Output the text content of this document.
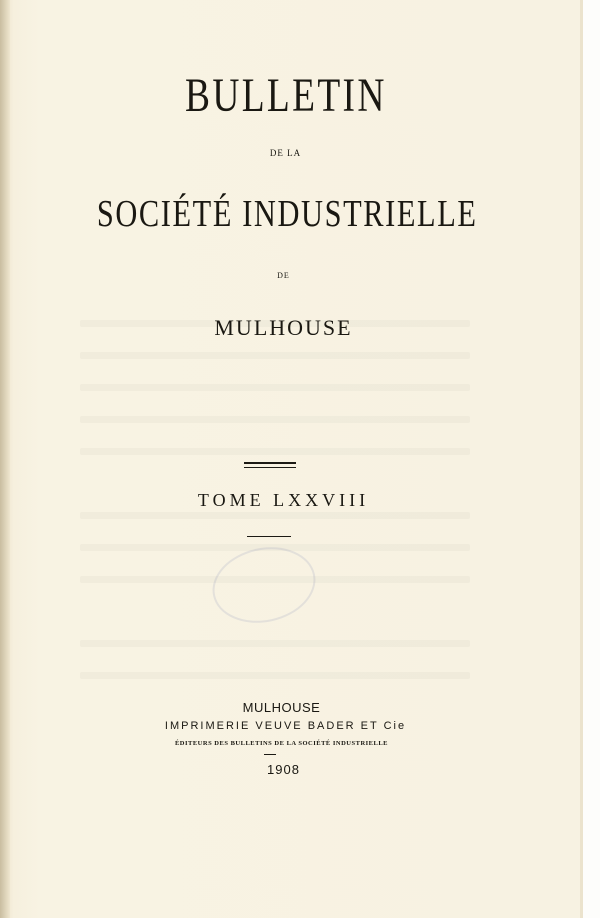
BULLETIN
DE LA
SOCIÉTÉ INDUSTRIELLE
DE
MULHOUSE
TOME LXXVIII
MULHOUSE
IMPRIMERIE VEUVE BADER ET Cie
ÉDITEURS DES BULLETINS DE LA SOCIÉTÉ INDUSTRIELLE
1908
